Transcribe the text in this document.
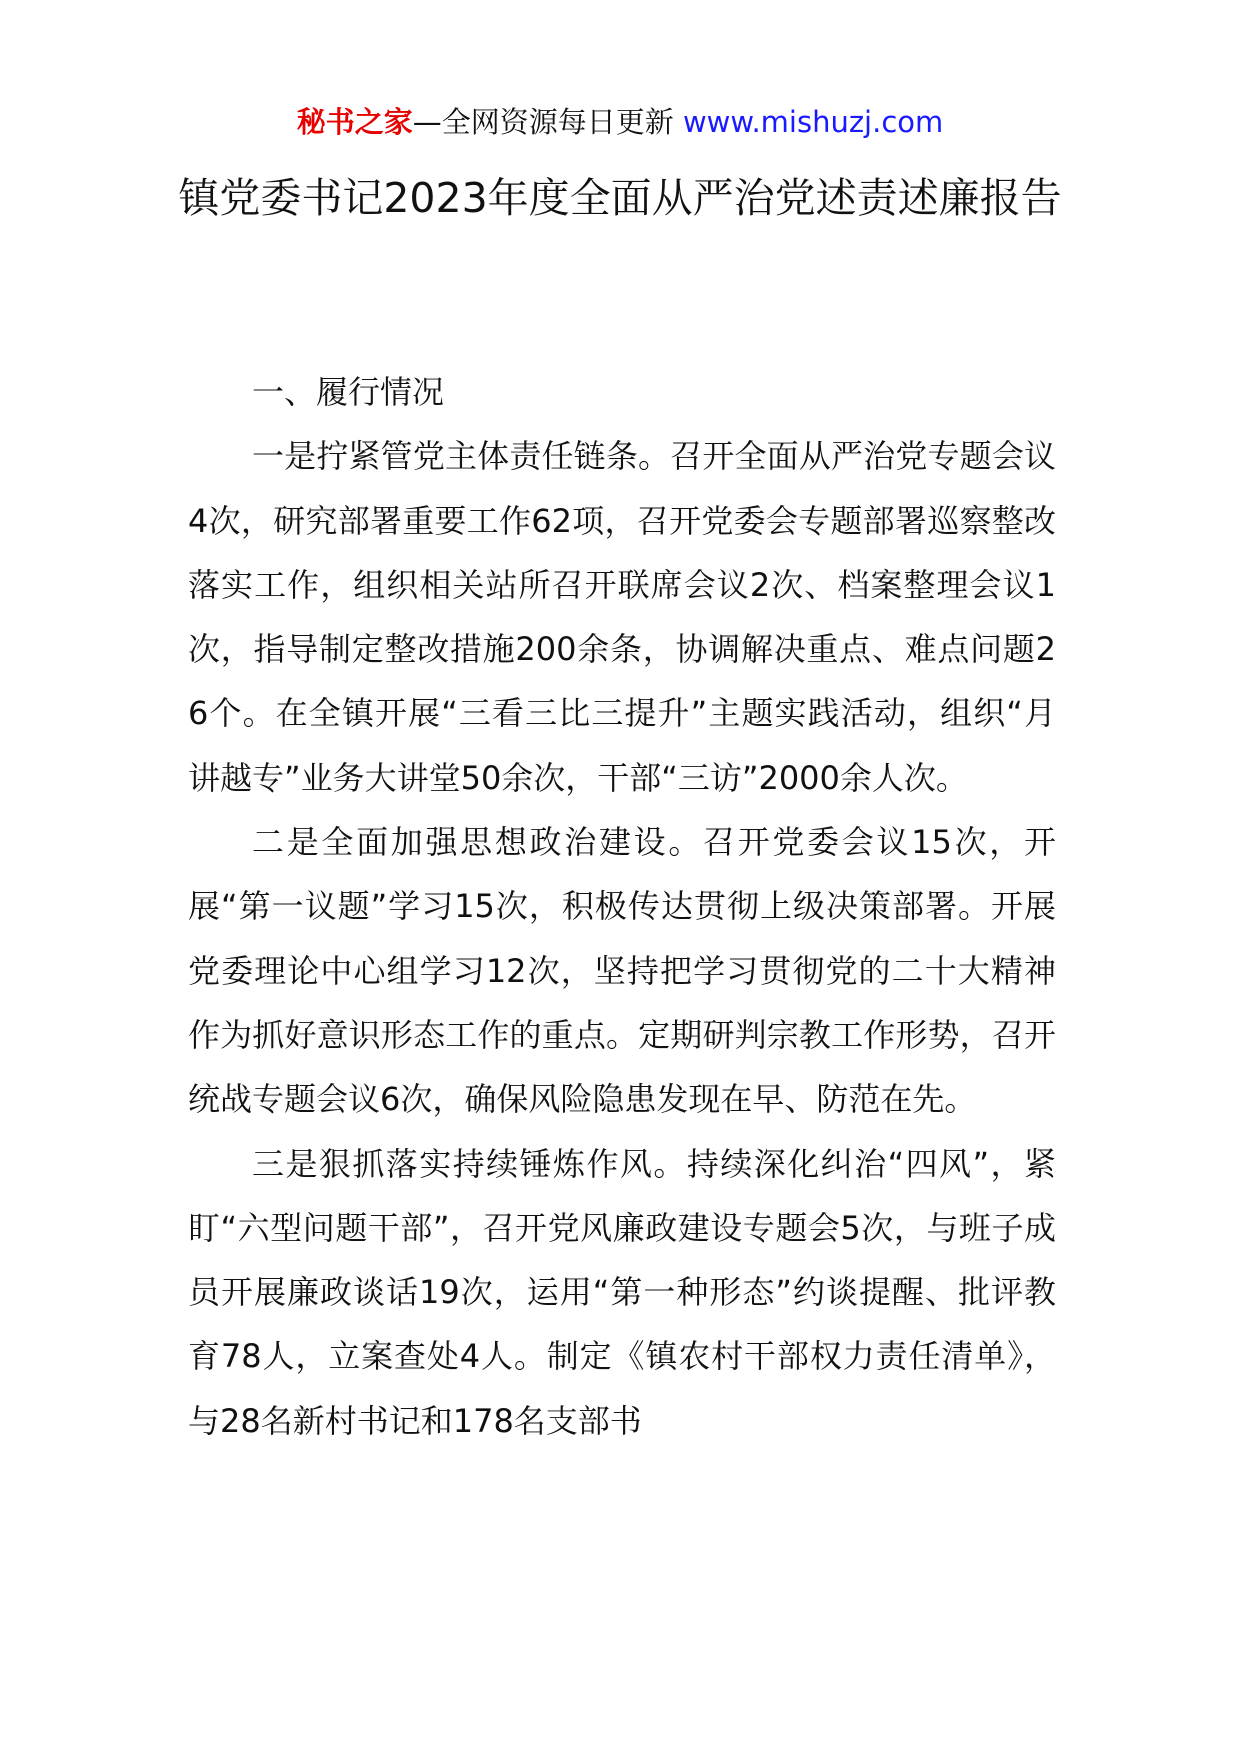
秘书之家—全网资源每日更新 www.mishuzj.com
镇党委书记2023年度全面从严治党述责述廉报告

一、履行情况

一是拧紧管党主体责任链条。召开全面从严治党专题会议4次，研究部署重要工作62项，召开党委会专题部署巡察整改落实工作，组织相关站所召开联席会议2次、档案整理会议1次，指导制定整改措施200余条，协调解决重点、难点问题26个。在全镇开展“三看三比三提升”主题实践活动，组织“月讲越专”业务大讲堂50余次，干部“三访”2000余人次。

二是全面加强思想政治建设。召开党委会议15次，开展“第一议题”学习15次，积极传达贯彻上级决策部署。开展党委理论中心组学习12次，坚持把学习贯彻党的二十大精神作为抓好意识形态工作的重点。定期研判宗教工作形势，召开统战专题会议6次，确保风险隐患发现在早、防范在先。

三是狠抓落实持续锤炼作风。持续深化纠治“四风”，紧盯“六型问题干部”，召开党风廉政建设专题会5次，与班子成员开展廉政谈话19次，运用“第一种形态”约谈提醒、批评教育78人，立案查处4人。制定《镇农村干部权力责任清单》，与28名新村书记和178名支部书
